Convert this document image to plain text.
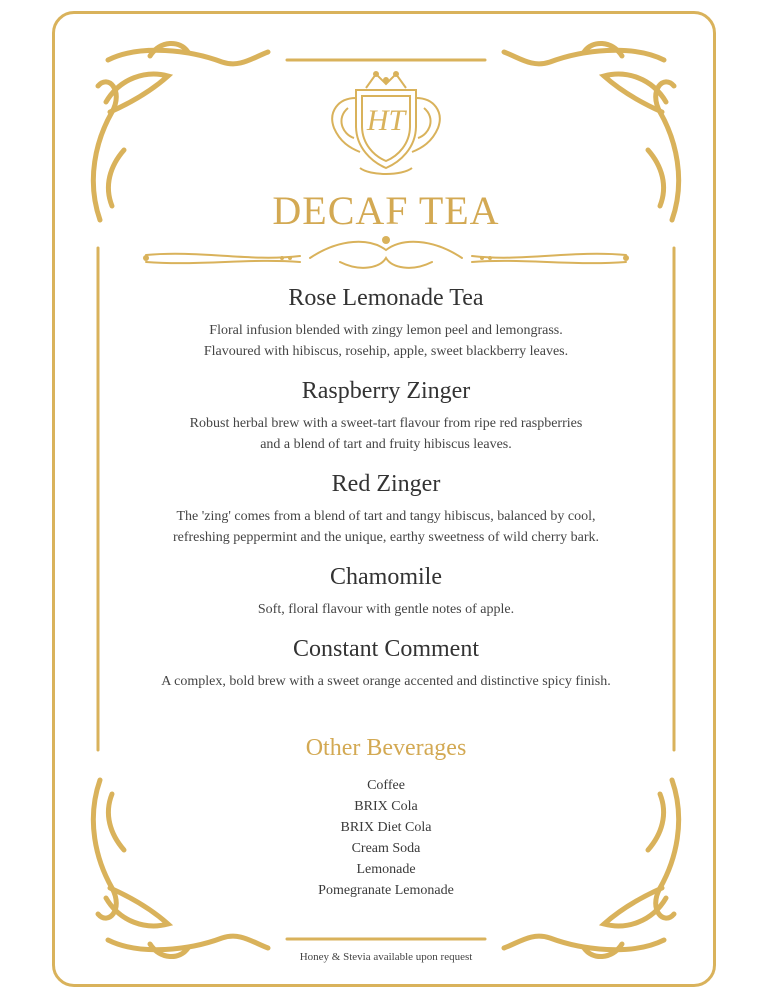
HT
DECAF TEA
Rose Lemonade Tea
Floral infusion blended with zingy lemon peel and lemongrass.
Flavoured with hibiscus, rosehip, apple, sweet blackberry leaves.
Raspberry Zinger
Robust herbal brew with a sweet-tart flavour from ripe red raspberries
and a blend of tart and fruity hibiscus leaves.
Red Zinger
The 'zing' comes from a blend of tart and tangy hibiscus, balanced by cool,
refreshing peppermint and the unique, earthy sweetness of wild cherry bark.
Chamomile
Soft, floral flavour with gentle notes of apple.
Constant Comment
A complex, bold brew with a sweet orange accented and distinctive spicy finish.
Other Beverages
Coffee
BRIX Cola
BRIX Diet Cola
Cream Soda
Lemonade
Pomegranate Lemonade
Honey & Stevia available upon request
